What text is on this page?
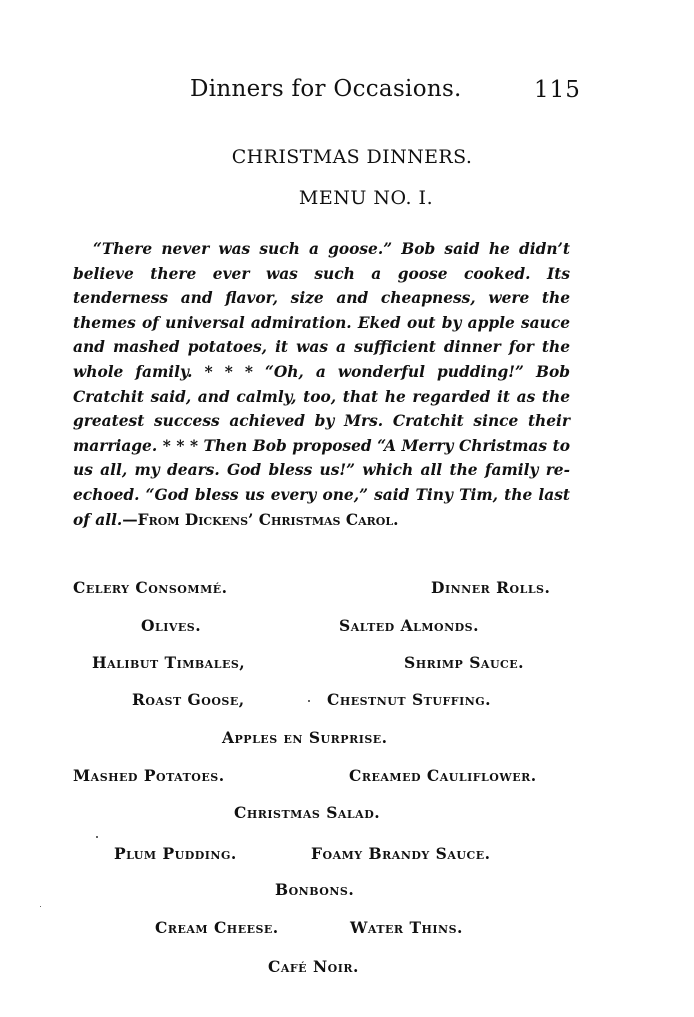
Dinners for Occasions.	115
CHRISTMAS DINNERS.
MENU NO. I.

“There never was such a goose.” Bob said he didn’t believe there ever was such a goose cooked. Its tenderness and flavor, size and cheapness, were the themes of universal admiration. Eked out by apple sauce and mashed potatoes, it was a sufficient dinner for the whole family. * * * “Oh, a wonderful pudding!” Bob Cratchit said, and calmly, too, that he regarded it as the greatest success achieved by Mrs. Cratchit since their marriage. * * * Then Bob proposed “A Merry Christmas to us all, my dears. God bless us!” which all the family re-echoed. “God bless us every one,” said Tiny Tim, the last of all.—From Dickens’ Christmas Carol.

Celery Consommé.	Dinner Rolls.
Olives.	Salted Almonds.
Halibut Timbales,	Shrimp Sauce.
Roast Goose,	Chestnut Stuffing.
Apples en Surprise.
Mashed Potatoes.	Creamed Cauliflower.
Christmas Salad.
Plum Pudding.	Foamy Brandy Sauce.
Bonbons.
Cream Cheese.	Water Thins.
Café Noir.
